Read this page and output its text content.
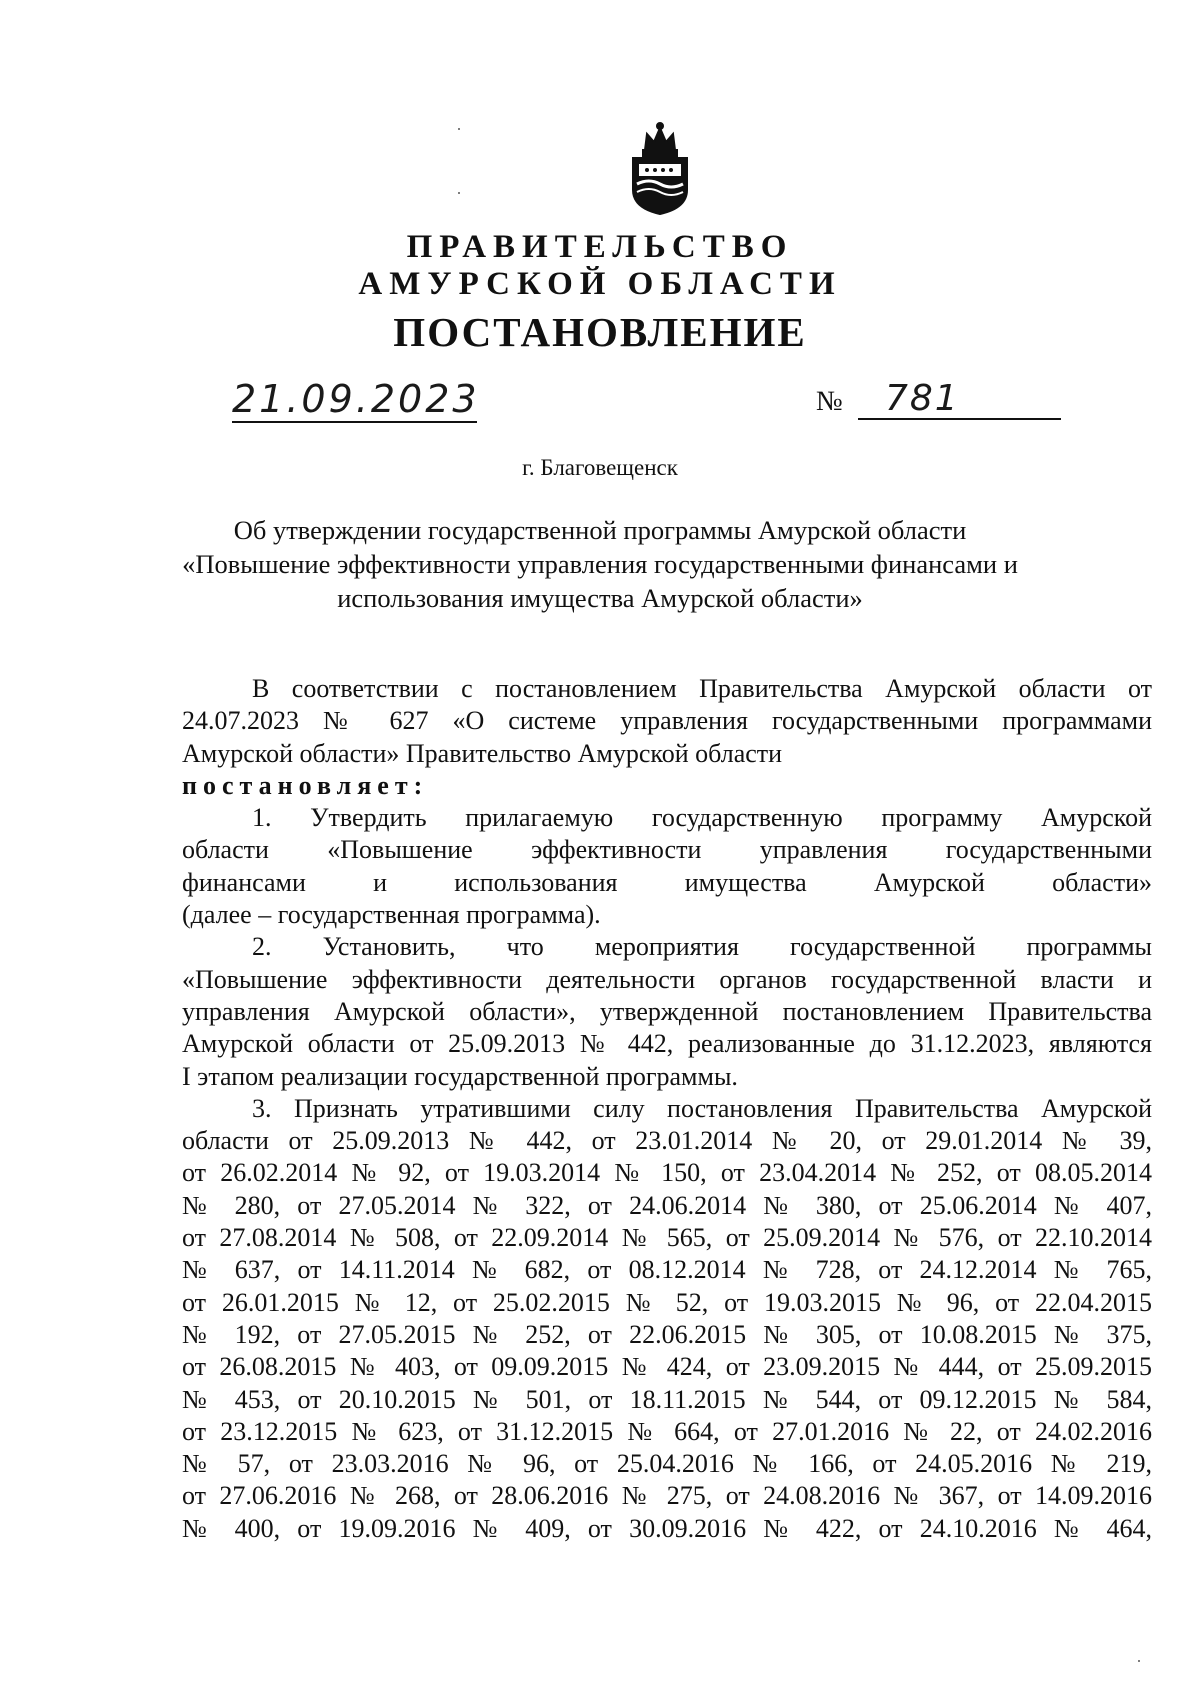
ПРАВИТЕЛЬСТВО
АМУРСКОЙ ОБЛАСТИ
ПОСТАНОВЛЕНИЕ
21.09.2023	№ 781
г. Благовещенск
Об утверждении государственной программы Амурской области
«Повышение эффективности управления государственными финансами и
использования имущества Амурской области»
В соответствии с постановлением Правительства Амурской области от
24.07.2023 № 627 «О системе управления государственными программами
Амурской области» Правительство Амурской области
постановляет:
1. Утвердить прилагаемую государственную программу Амурской
области «Повышение эффективности управления государственными
финансами и использования имущества Амурской области»
(далее – государственная программа).
2. Установить, что мероприятия государственной программы
«Повышение эффективности деятельности органов государственной власти и
управления Амурской области», утвержденной постановлением Правительства
Амурской области от 25.09.2013 № 442, реализованные до 31.12.2023, являются
I этапом реализации государственной программы.
3. Признать утратившими силу постановления Правительства Амурской
области от 25.09.2013 № 442, от 23.01.2014 № 20, от 29.01.2014 № 39,
от 26.02.2014 № 92, от 19.03.2014 № 150, от 23.04.2014 № 252, от 08.05.2014
№ 280, от 27.05.2014 № 322, от 24.06.2014 № 380, от 25.06.2014 № 407,
от 27.08.2014 № 508, от 22.09.2014 № 565, от 25.09.2014 № 576, от 22.10.2014
№ 637, от 14.11.2014 № 682, от 08.12.2014 № 728, от 24.12.2014 № 765,
от 26.01.2015 № 12, от 25.02.2015 № 52, от 19.03.2015 № 96, от 22.04.2015
№ 192, от 27.05.2015 № 252, от 22.06.2015 № 305, от 10.08.2015 № 375,
от 26.08.2015 № 403, от 09.09.2015 № 424, от 23.09.2015 № 444, от 25.09.2015
№ 453, от 20.10.2015 № 501, от 18.11.2015 № 544, от 09.12.2015 № 584,
от 23.12.2015 № 623, от 31.12.2015 № 664, от 27.01.2016 № 22, от 24.02.2016
№ 57, от 23.03.2016 № 96, от 25.04.2016 № 166, от 24.05.2016 № 219,
от 27.06.2016 № 268, от 28.06.2016 № 275, от 24.08.2016 № 367, от 14.09.2016
№ 400, от 19.09.2016 № 409, от 30.09.2016 № 422, от 24.10.2016 № 464,
